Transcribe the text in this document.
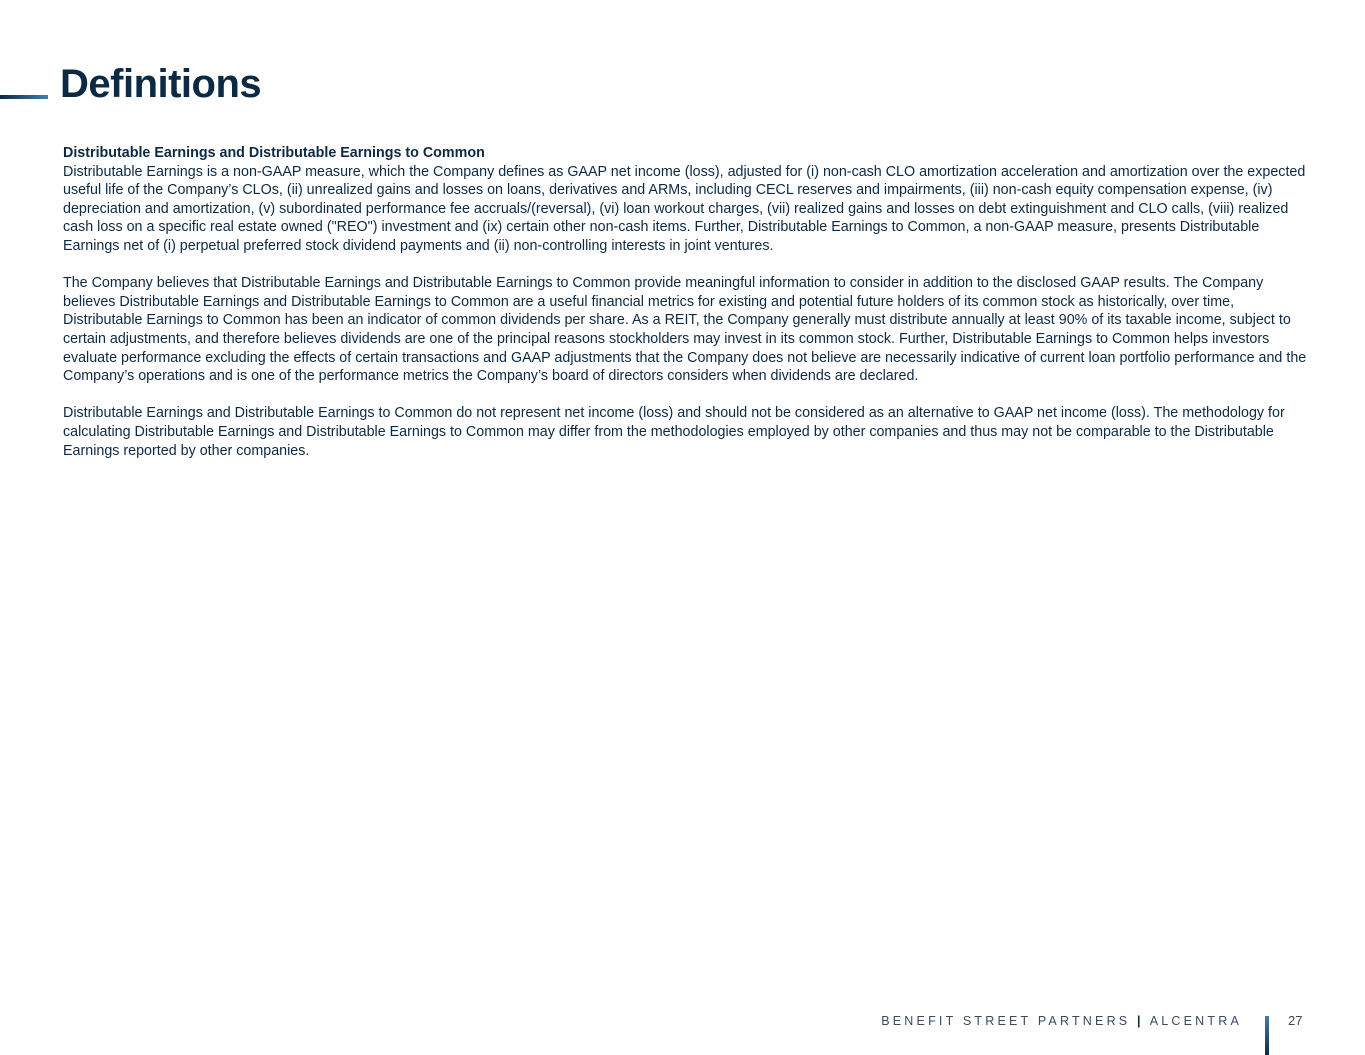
Definitions

Distributable Earnings and Distributable Earnings to Common

Distributable Earnings is a non-GAAP measure, which the Company defines as GAAP net income (loss), adjusted for (i) non-cash CLO amortization acceleration and amortization over the expected useful life of the Company’s CLOs, (ii) unrealized gains and losses on loans, derivatives and ARMs, including CECL reserves and impairments, (iii) non-cash equity compensation expense, (iv) depreciation and amortization, (v) subordinated performance fee accruals/(reversal), (vi) loan workout charges, (vii) realized gains and losses on debt extinguishment and CLO calls, (viii) realized cash loss on a specific real estate owned ("REO") investment and (ix) certain other non-cash items. Further, Distributable Earnings to Common, a non-GAAP measure, presents Distributable Earnings net of (i) perpetual preferred stock dividend payments and (ii) non-controlling interests in joint ventures.

The Company believes that Distributable Earnings and Distributable Earnings to Common provide meaningful information to consider in addition to the disclosed GAAP results. The Company believes Distributable Earnings and Distributable Earnings to Common are a useful financial metrics for existing and potential future holders of its common stock as historically, over time, Distributable Earnings to Common has been an indicator of common dividends per share. As a REIT, the Company generally must distribute annually at least 90% of its taxable income, subject to certain adjustments, and therefore believes dividends are one of the principal reasons stockholders may invest in its common stock. Further, Distributable Earnings to Common helps investors evaluate performance excluding the effects of certain transactions and GAAP adjustments that the Company does not believe are necessarily indicative of current loan portfolio performance and the Company’s operations and is one of the performance metrics the Company’s board of directors considers when dividends are declared.

Distributable Earnings and Distributable Earnings to Common do not represent net income (loss) and should not be considered as an alternative to GAAP net income (loss). The methodology for calculating Distributable Earnings and Distributable Earnings to Common may differ from the methodologies employed by other companies and thus may not be comparable to the Distributable Earnings reported by other companies.

BENEFIT STREET PARTNERS | ALCENTRA	27
